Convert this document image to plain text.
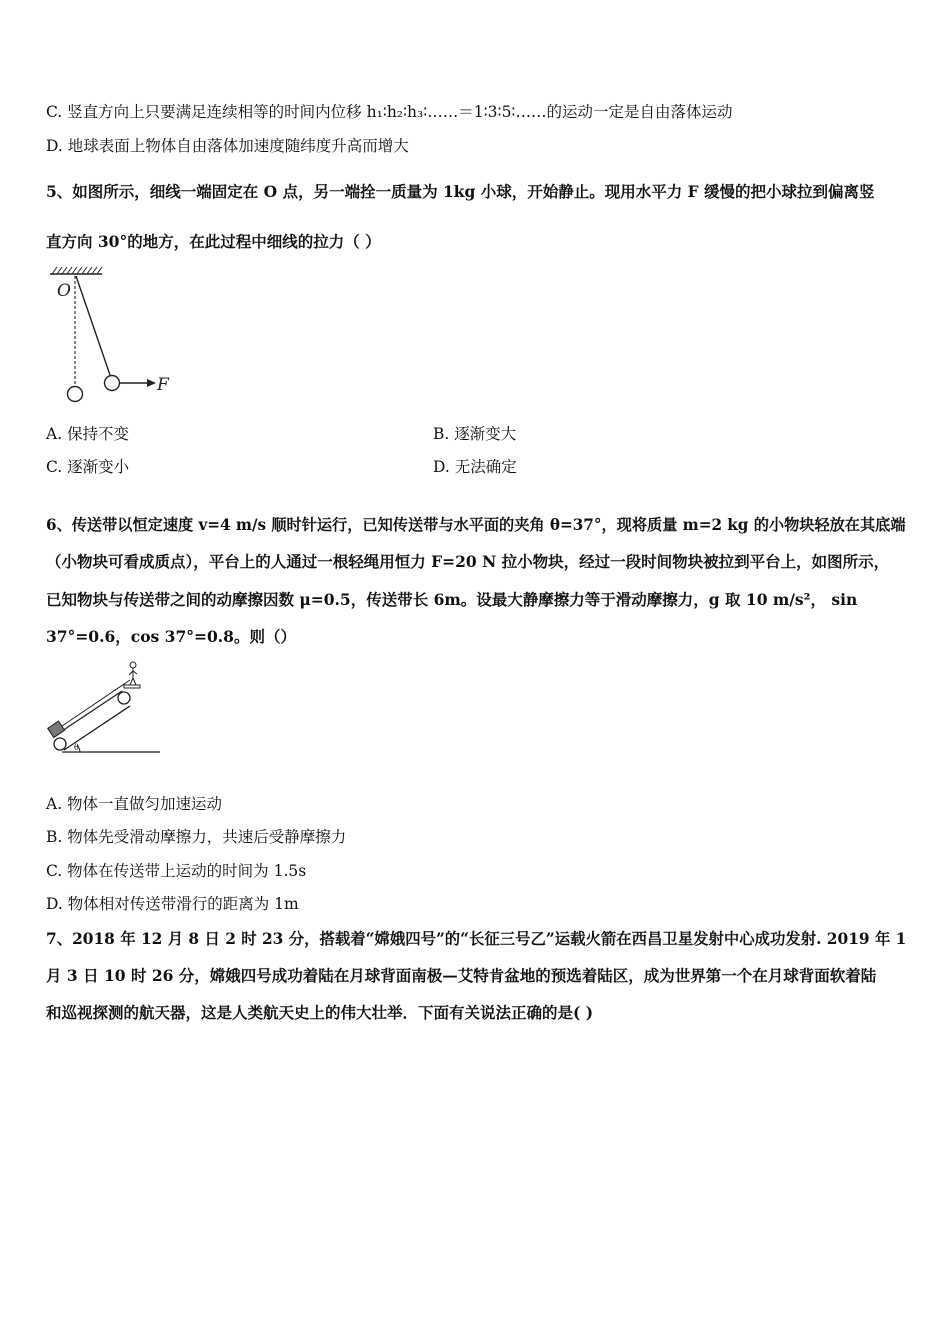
C. 竖直方向上只要满足连续相等的时间内位移 h₁∶h₂∶h₃∶……＝1∶3∶5∶……的运动一定是自由落体运动
D. 地球表面上物体自由落体加速度随纬度升高而增大
5、如图所示，细线一端固定在 O 点，另一端拴一质量为 1kg 小球，开始静止。现用水平力 F 缓慢的把小球拉到偏离竖
直方向 30°的地方，在此过程中细线的拉力（ ）
O
F
A. 保持不变	B. 逐渐变大
C. 逐渐变小	D. 无法确定
6、传送带以恒定速度 v=4 m/s 顺时针运行，已知传送带与水平面的夹角 θ=37°，现将质量 m=2 kg 的小物块轻放在其底端
（小物块可看成质点），平台上的人通过一根轻绳用恒力 F=20 N 拉小物块，经过一段时间物块被拉到平台上，如图所示，
已知物块与传送带之间的动摩擦因数 μ=0.5，传送带长 6m。设最大静摩擦力等于滑动摩擦力，g 取 10 m/s²， sin
37°=0.6，cos 37°=0.8。则（）
θ
A. 物体一直做匀加速运动
B. 物体先受滑动摩擦力，共速后受静摩擦力
C. 物体在传送带上运动的时间为 1.5s
D. 物体相对传送带滑行的距离为 1m
7、2018 年 12 月 8 日 2 时 23 分，搭载着“嫦娥四号”的“长征三号乙”运载火箭在西昌卫星发射中心成功发射. 2019 年 1
月 3 日 10 时 26 分，嫦娥四号成功着陆在月球背面南极—艾特肯盆地的预选着陆区，成为世界第一个在月球背面软着陆
和巡视探测的航天器，这是人类航天史上的伟大壮举．下面有关说法正确的是( )
